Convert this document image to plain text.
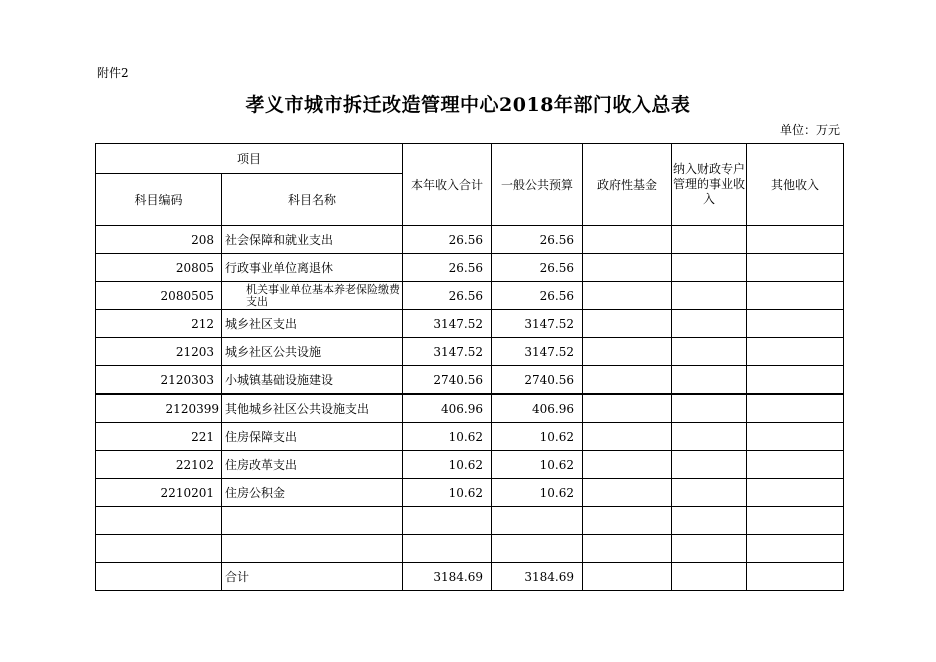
附件2
孝义市城市拆迁改造管理中心2018年部门收入总表
单位：万元
项目		本年收入合计	一般公共预算	政府性基金	纳入财政专户管理的事业收入	其他收入
科目编码	科目名称					
208	社会保障和就业支出	26.56	26.56			
20805	行政事业单位离退休	26.56	26.56			
2080505	机关事业单位基本养老保险缴费支出	26.56	26.56			
212	城乡社区支出	3147.52	3147.52			
21203	城乡社区公共设施	3147.52	3147.52			
2120303	小城镇基础设施建设	2740.56	2740.56			
2120399	其他城乡社区公共设施支出	406.96	406.96			
221	住房保障支出	10.62	10.62			
22102	住房改革支出	10.62	10.62			
2210201	住房公积金	10.62	10.62			

	合计	3184.69	3184.69			
